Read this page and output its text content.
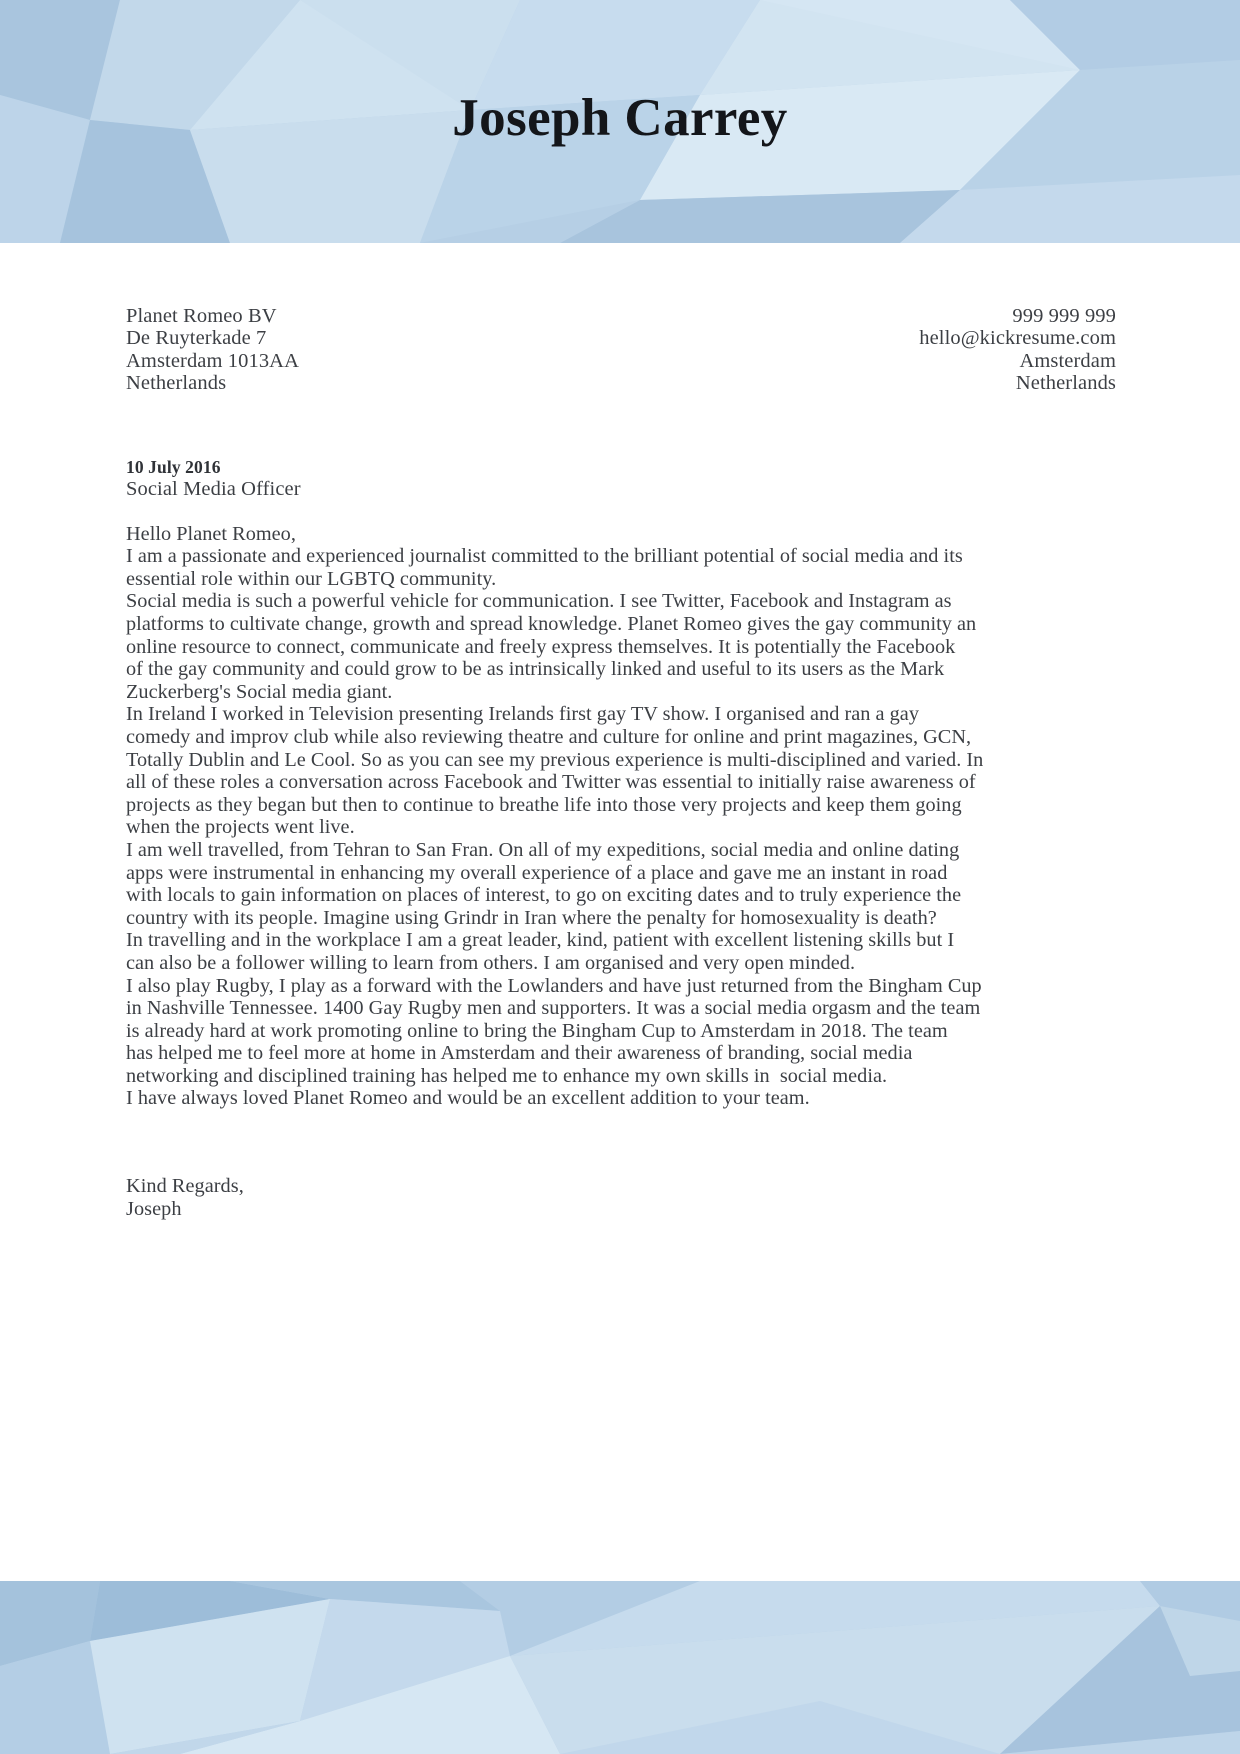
Joseph Carrey
Planet Romeo BV
De Ruyterkade 7
Amsterdam 1013AA
Netherlands
999 999 999
hello@kickresume.com
Amsterdam
Netherlands
10 July 2016
Social Media Officer
Hello Planet Romeo,
I am a passionate and experienced journalist committed to the brilliant potential of social media and its
essential role within our LGBTQ community.
Social media is such a powerful vehicle for communication. I see Twitter, Facebook and Instagram as
platforms to cultivate change, growth and spread knowledge. Planet Romeo gives the gay community an
online resource to connect, communicate and freely express themselves. It is potentially the Facebook
of the gay community and could grow to be as intrinsically linked and useful to its users as the Mark
Zuckerberg's Social media giant.
In Ireland I worked in Television presenting Irelands first gay TV show. I organised and ran a gay
comedy and improv club while also reviewing theatre and culture for online and print magazines, GCN,
Totally Dublin and Le Cool. So as you can see my previous experience is multi-disciplined and varied. In
all of these roles a conversation across Facebook and Twitter was essential to initially raise awareness of
projects as they began but then to continue to breathe life into those very projects and keep them going
when the projects went live.
I am well travelled, from Tehran to San Fran. On all of my expeditions, social media and online dating
apps were instrumental in enhancing my overall experience of a place and gave me an instant in road
with locals to gain information on places of interest, to go on exciting dates and to truly experience the
country with its people. Imagine using Grindr in Iran where the penalty for homosexuality is death?
In travelling and in the workplace I am a great leader, kind, patient with excellent listening skills but I
can also be a follower willing to learn from others. I am organised and very open minded.
I also play Rugby, I play as a forward with the Lowlanders and have just returned from the Bingham Cup
in Nashville Tennessee. 1400 Gay Rugby men and supporters. It was a social media orgasm and the team
is already hard at work promoting online to bring the Bingham Cup to Amsterdam in 2018. The team
has helped me to feel more at home in Amsterdam and their awareness of branding, social media
networking and disciplined training has helped me to enhance my own skills in  social media.
I have always loved Planet Romeo and would be an excellent addition to your team.
Kind Regards,
Joseph
